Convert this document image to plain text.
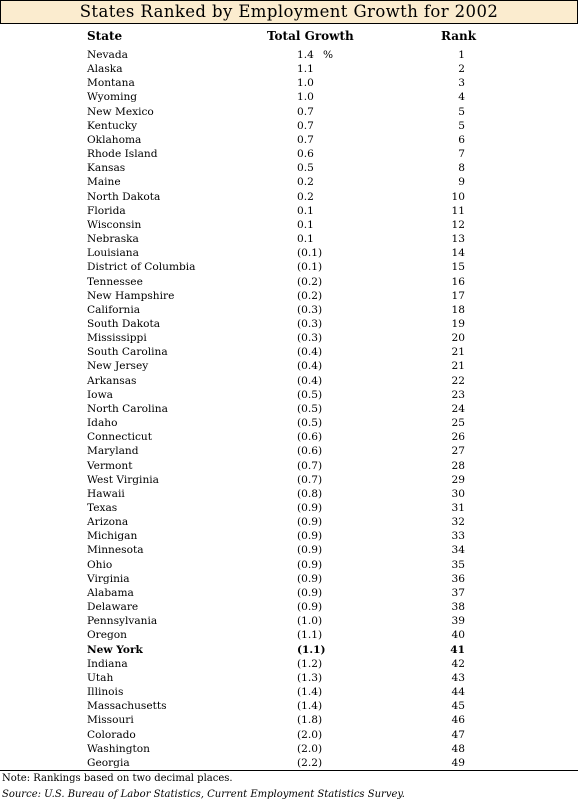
States Ranked by Employment Growth for 2002
State	Total Growth	Rank
Nevada	1.4 %	1
Alaska	1.1	2
Montana	1.0	3
Wyoming	1.0	4
New Mexico	0.7	5
Kentucky	0.7	5
Oklahoma	0.7	6
Rhode Island	0.6	7
Kansas	0.5	8
Maine	0.2	9
North Dakota	0.2	10
Florida	0.1	11
Wisconsin	0.1	12
Nebraska	0.1	13
Louisiana	(0.1)	14
District of Columbia	(0.1)	15
Tennessee	(0.2)	16
New Hampshire	(0.2)	17
California	(0.3)	18
South Dakota	(0.3)	19
Mississippi	(0.3)	20
South Carolina	(0.4)	21
New Jersey	(0.4)	21
Arkansas	(0.4)	22
Iowa	(0.5)	23
North Carolina	(0.5)	24
Idaho	(0.5)	25
Connecticut	(0.6)	26
Maryland	(0.6)	27
Vermont	(0.7)	28
West Virginia	(0.7)	29
Hawaii	(0.8)	30
Texas	(0.9)	31
Arizona	(0.9)	32
Michigan	(0.9)	33
Minnesota	(0.9)	34
Ohio	(0.9)	35
Virginia	(0.9)	36
Alabama	(0.9)	37
Delaware	(0.9)	38
Pennsylvania	(1.0)	39
Oregon	(1.1)	40
New York	(1.1)	41
Indiana	(1.2)	42
Utah	(1.3)	43
Illinois	(1.4)	44
Massachusetts	(1.4)	45
Missouri	(1.8)	46
Colorado	(2.0)	47
Washington	(2.0)	48
Georgia	(2.2)	49
Note: Rankings based on two decimal places.
Source: U.S. Bureau of Labor Statistics, Current Employment Statistics Survey.
